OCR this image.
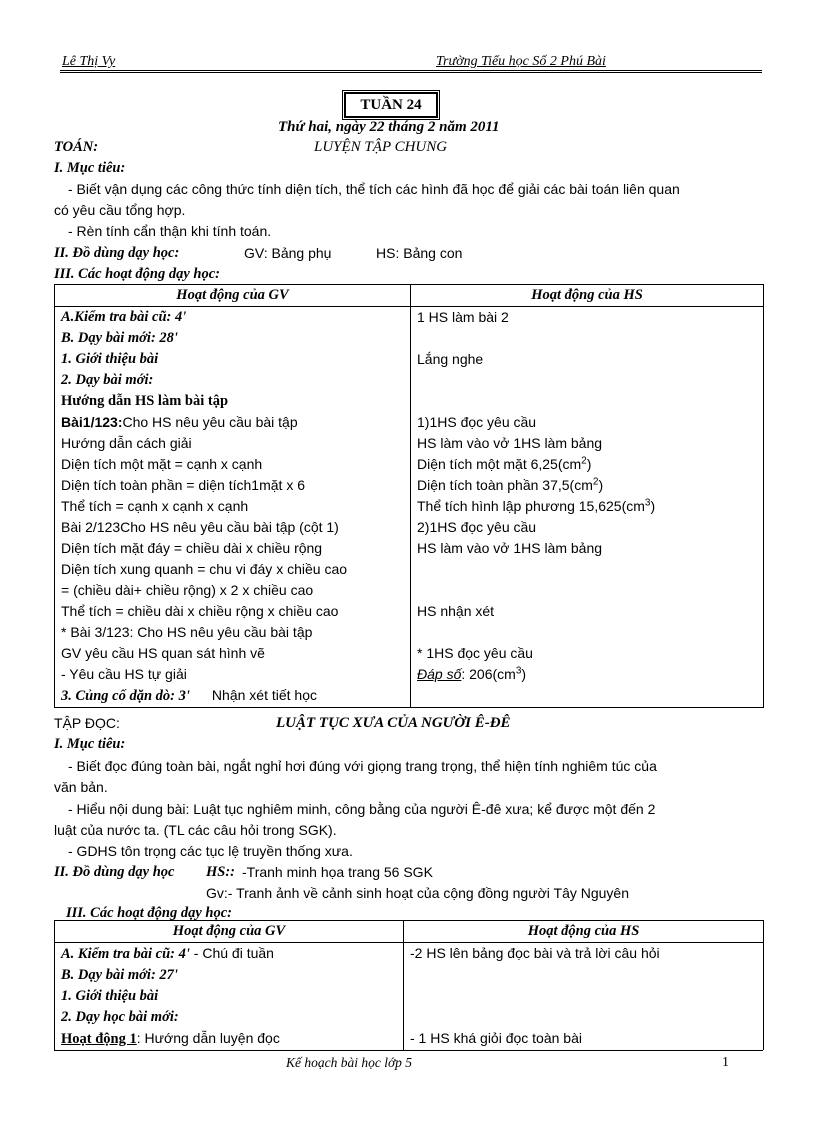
Lê Thị Vy	Trường Tiểu học Số 2 Phú Bài
TUẦN 24
Thứ hai, ngày 22 tháng 2 năm 2011
TOÁN:	LUYỆN TẬP CHUNG
I. Mục tiêu:
- Biết vận dụng các công thức tính diện tích, thể tích các hình đã học để giải các bài toán liên quan
có yêu cầu tổng hợp.
- Rèn tính cẩn thận khi tính toán.
II. Đồ dùng dạy học:	GV: Bảng phụ	HS: Bảng con
III. Các hoạt động dạy học:
Hoạt động của GV	Hoạt động của HS
A.Kiểm tra bài cũ: 4'	1 HS làm bài 2
B. Dạy bài mới: 28'	
1. Giới thiệu bài	Lắng nghe
2. Dạy bài mới:	
Hướng dẫn HS làm bài tập	
Bài1/123:Cho HS nêu yêu cầu bài tập	1)1HS đọc yêu cầu
Hướng dẫn cách giải	HS làm vào vở 1HS làm bảng
Diện tích một mặt = cạnh x cạnh	Diện tích một mặt $6,25(cm^2)$
Diện tích toàn phần = diện tích1mặt x 6	Diện tích toàn phần $37,5(cm^2)$
Thể tích = cạnh x cạnh x cạnh	Thể tích hình lập phương $15,625(cm^3)$
Bài 2/123Cho HS nêu yêu cầu bài tập (cột 1)	2)1HS đọc yêu cầu
Diện tích mặt đáy = chiều dài x chiều rộng	HS làm vào vở 1HS làm bảng
Diện tích xung quanh = chu vi đáy x chiều cao	
= (chiều dài+ chiều rộng) x 2 x chiều cao	
Thể tích = chiều dài x chiều rộng x chiều cao	HS nhận xét
* Bài 3/123: Cho HS nêu yêu cầu bài tập	
GV yêu cầu HS quan sát hình vẽ	* 1HS đọc yêu cầu
- Yêu cầu HS tự giải	Đáp số: $206(cm^3)$
3. Củng cố dặn dò: 3' Nhận xét tiết học	
TẬP ĐỌC:	LUẬT TỤC XƯA CỦA NGƯỜI Ê-ĐÊ
I. Mục tiêu:
- Biết đọc đúng toàn bài, ngắt nghỉ hơi đúng với giọng trang trọng, thể hiện tính nghiêm túc của
văn bản.
- Hiểu nội dung bài: Luật tục nghiêm minh, công bằng của người Ê-đê xưa; kể được một đến 2
luật của nước ta. (TL các câu hỏi trong SGK).
- GDHS tôn trọng các tục lệ truyền thống xưa.
II. Đồ dùng dạy học HS:: -Tranh minh họa trang 56 SGK
Gv:- Tranh ảnh về cảnh sinh hoạt của cộng đồng người Tây Nguyên
III. Các hoạt động dạy học:
Hoạt động của GV	Hoạt động của HS
A. Kiểm tra bài cũ: 4' - Chú đi tuần	-2 HS lên bảng đọc bài và trả lời câu hỏi
B. Dạy bài mới: 27'	
1. Giới thiệu bài	
2. Dạy học bài mới:	
Hoạt động 1: Hướng dẫn luyện đọc	- 1 HS khá giỏi đọc toàn bài
Kế hoạch bài học lớp 5	1
